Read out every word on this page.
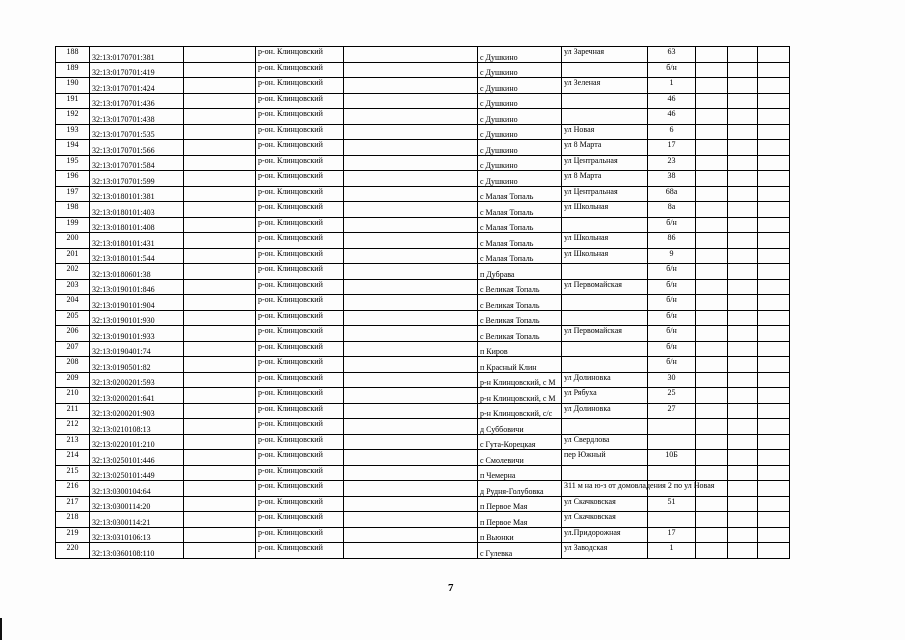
188	32:13:0170701:381		р-он. Клинцовский		с Душкино	ул Заречная	63			
189	32:13:0170701:419		р-он. Клинцовский		с Душкино		б/н			
190	32:13:0170701:424		р-он. Клинцовский		с Душкино	ул Зеленая	1			
191	32:13:0170701:436		р-он. Клинцовский		с Душкино		46			
192	32:13:0170701:438		р-он. Клинцовский		с Душкино		46			
193	32:13:0170701:535		р-он. Клинцовский		с Душкино	ул Новая	6			
194	32:13:0170701:566		р-он. Клинцовский		с Душкино	ул 8 Марта	17			
195	32:13:0170701:584		р-он. Клинцовский		с Душкино	ул Центральная	23			
196	32:13:0170701:599		р-он. Клинцовский		с Душкино	ул 8 Марта	38			
197	32:13:0180101:381		р-он. Клинцовский		с Малая Топаль	ул Центральная	68а			
198	32:13:0180101:403		р-он. Клинцовский		с Малая Топаль	ул Школьная	8а			
199	32:13:0180101:408		р-он. Клинцовский		с Малая Топаль		б/н			
200	32:13:0180101:431		р-он. Клинцовский		с Малая Топаль	ул Школьная	86			
201	32:13:0180101:544		р-он. Клинцовский		с Малая Топаль	ул Школьная	9			
202	32:13:0180601:38		р-он. Клинцовский		п Дубрава		б/н			
203	32:13:0190101:846		р-он. Клинцовский		с Великая Топаль	ул Первомайская	б/н			
204	32:13:0190101:904		р-он. Клинцовский		с Великая Топаль		б/н			
205	32:13:0190101:930		р-он. Клинцовский		с Великая Топаль		б/н			
206	32:13:0190101:933		р-он. Клинцовский		с Великая Топаль	ул Первомайская	б/н			
207	32:13:0190401:74		р-он. Клинцовский		п Киров		б/н			
208	32:13:0190501:82		р-он. Клинцовский		п Красный Клин		б/н			
209	32:13:0200201:593		р-он. Клинцовский		р-н Клинцовский, с М	ул Долиновка	30			
210	32:13:0200201:641		р-он. Клинцовский		р-н Клинцовский, с М	ул Рябуха	25			
211	32:13:0200201:903		р-он. Клинцовский		р-н Клинцовский, с/с	ул Долиновка	27			
212	32:13:0210108:13		р-он. Клинцовский		д Суббовичи					
213	32:13:0220101:210		р-он. Клинцовский		с Гута-Корецкая	ул Свердлова				
214	32:13:0250101:446		р-он. Клинцовский		с Смолевичи	пер Южный	10Б			
215	32:13:0250101:449		р-он. Клинцовский		п Чемерна					
216	32:13:0300104:64		р-он. Клинцовский		д Рудня-Голубовка	311 м на ю-з от домовладения 2 по ул Новая				
217	32:13:0300114:20		р-он. Клинцовский		п Первое Мая	ул Скачковская	51			
218	32:13:0300114:21		р-он. Клинцовский		п Первое Мая	ул Скачковская				
219	32:13:0310106:13		р-он. Клинцовский		п Вьюнки	ул.Придорожная	17			
220	32:13:0360108:110		р-он. Клинцовский		с Гулевка	ул Заводская	1			
7
